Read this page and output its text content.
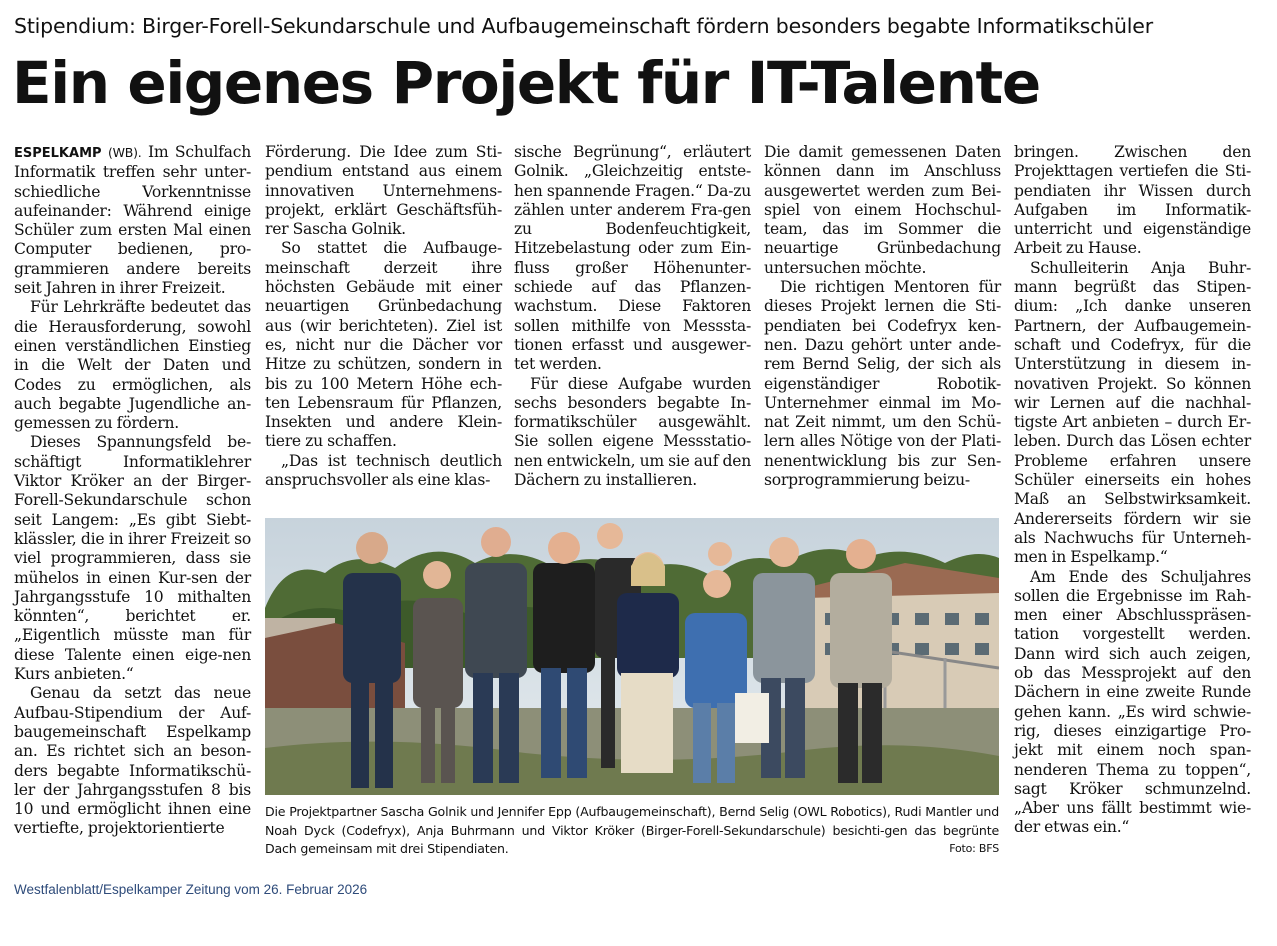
Stipendium: Birger-Forell-Sekundarschule und Aufbaugemeinschaft fördern besonders begabte Informatikschüler
Ein eigenes Projekt für IT-Talente

ESPELKAMP (WB). Im Schulfach Informatik treffen sehr unter-schiedliche Vorkenntnisse aufeinander: Während einige Schüler zum ersten Mal einen Computer bedienen, pro-grammieren andere bereits seit Jahren in ihrer Freizeit.

Für Lehrkräfte bedeutet das die Herausforderung, sowohl einen verständlichen Einstieg in die Welt der Daten und Codes zu ermöglichen, als auch begabte Jugendliche an-gemessen zu fördern.

Dieses Spannungsfeld be-schäftigt Informatiklehrer Viktor Kröker an der Birger-Forell-Sekundarschule schon seit Langem: „Es gibt Siebt-klässler, die in ihrer Freizeit so viel programmieren, dass sie mühelos in einen Kur-sen der Jahrgangsstufe 10 mithalten könnten“, berichtet er. „Eigentlich müsste man für diese Talente einen eige-nen Kurs anbieten.“

Genau da setzt das neue Aufbau-Stipendium der Auf-baugemeinschaft Espelkamp an. Es richtet sich an beson-ders begabte Informatikschü-ler der Jahrgangsstufen 8 bis 10 und ermöglicht ihnen eine vertiefte, projektorientierte

Förderung. Die Idee zum Sti-pendium entstand aus einem innovativen Unternehmens-projekt, erklärt Geschäftsfüh-rer Sascha Golnik.

So stattet die Aufbauge-meinschaft derzeit ihre höchsten Gebäude mit einer neuartigen Grünbedachung aus (wir berichteten). Ziel ist es, nicht nur die Dächer vor Hitze zu schützen, sondern in bis zu 100 Metern Höhe ech-ten Lebensraum für Pflanzen, Insekten und andere Klein-tiere zu schaffen.

„Das ist technisch deutlich anspruchsvoller als eine klas-

sische Begrünung“, erläutert Golnik. „Gleichzeitig entste-hen spannende Fragen.“ Da-zu zählen unter anderem Fra-gen zu Bodenfeuchtigkeit, Hitzebelastung oder zum Ein-fluss großer Höhenunter-schiede auf das Pflanzen-wachstum. Diese Faktoren sollen mithilfe von Messsta-tionen erfasst und ausgewer-tet werden.

Für diese Aufgabe wurden sechs besonders begabte In-formatikschüler ausgewählt. Sie sollen eigene Messstatio-nen entwickeln, um sie auf den Dächern zu installieren.

Die damit gemessenen Daten können dann im Anschluss ausgewertet werden zum Bei-spiel von einem Hochschul-team, das im Sommer die neuartige Grünbedachung untersuchen möchte.

Die richtigen Mentoren für dieses Projekt lernen die Sti-pendiaten bei Codefryx ken-nen. Dazu gehört unter ande-rem Bernd Selig, der sich als eigenständiger Robotik-Unternehmer einmal im Mo-nat Zeit nimmt, um den Schü-lern alles Nötige von der Plati-nenentwicklung bis zur Sen-sorprogrammierung beizu-

bringen. Zwischen den Projekttagen vertiefen die Sti-pendiaten ihr Wissen durch Aufgaben im Informatik-unterricht und eigenständige Arbeit zu Hause.

Schulleiterin Anja Buhr-mann begrüßt das Stipen-dium: „Ich danke unseren Partnern, der Aufbaugemein-schaft und Codefryx, für die Unterstützung in diesem in-novativen Projekt. So können wir Lernen auf die nachhal-tigste Art anbieten – durch Er-leben. Durch das Lösen echter Probleme erfahren unsere Schüler einerseits ein hohes Maß an Selbstwirksamkeit. Andererseits fördern wir sie als Nachwuchs für Unterneh-men in Espelkamp.“

Am Ende des Schuljahres sollen die Ergebnisse im Rah-men einer Abschlusspräsen-tation vorgestellt werden. Dann wird sich auch zeigen, ob das Messprojekt auf den Dächern in eine zweite Runde gehen kann. „Es wird schwie-rig, dieses einzigartige Pro-jekt mit einem noch span-nenderen Thema zu toppen“, sagt Kröker schmunzelnd. „Aber uns fällt bestimmt wie-der etwas ein.“

Die Projektpartner Sascha Golnik und Jennifer Epp (Aufbaugemeinschaft), Bernd Selig (OWL Robotics), Rudi Mantler und Noah Dyck (Codefryx), Anja Buhrmann und Viktor Kröker (Birger-Forell-Sekundarschule) besichti-gen das begrünte Dach gemeinsam mit drei Stipendiaten.	Foto: BFS
Westfalenblatt/Espelkamper Zeitung vom 26. Februar 2026
